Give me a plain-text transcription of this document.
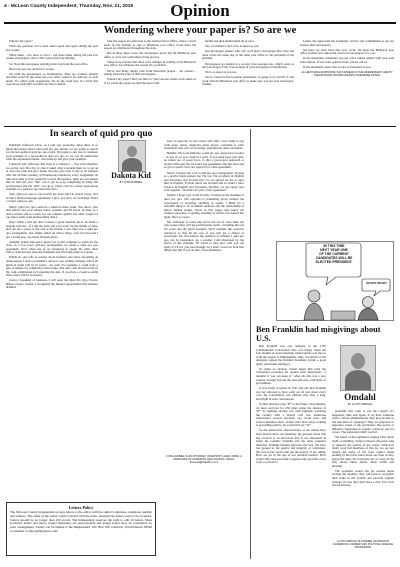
4 - McLean County Independent, Thursday, Nov. 21, 2019	Opinion
Wondering where your paper is? So are we

Where's my paper?

That's the question we've been asked again and again during the past few weeks.

Three times - two once or twice - but three times during the past few weeks, newspapers sent to ZIP codes turned up missing.

So! Note this newspaper printing plant, but from the post office.

Here's the process and how it works.

We print the newspapers on Wednesdays. They are counted, labeled and then sorted in the order the post office wants it for delivery to each home. It's called walk sequencing. We do the work here in a level that even those with ZIP's wouldn't be able to match.

Sent the papers are delivered to the Garrison Post Office, where a truck picks up the bundles to take to Bismarck post office. From there the papers are distributed throughout the state.

But in those three cases, the newspapers never left the Bismarck post office or were lost somewhere in the process.

There were excuses that there were changes in staffing at the Bismarck post office, but whatever the reason it's a problem.

We've had many phone calls from important people - our readers - asking about the state of their newspapers.

Where's my paper? Did you miss it? One late-our reader even asked us if we saved the papers up until the end of the

month and then mailed them all at once.

Yes, we mailed it and we're as upset as you.

Our newspaper readers who call, we'll mail a newspaper first class and often arrive the same day as the same post office or the problems of the problem.

Newspapers are mailed at a second class postage rate, which saves us and you money. First class postage of your newspaper is insufficient.

We're as upset as you are.

We've contacted the Garrison postmaster, is going to try and fix it and work with the Bismarck post office to make sure you get your newspaper. Thanks.

Lanny. We appreciate his exemplary service and commitment to get our readers their newspapers.

We hope we don't have that story work. We hope the Bismarck post office realizes how important your local newspaper is to you.

In the meantime, remember you get a free online edition with your paid subscription. If you want to know more, please call us.

In the meantime, know that we are as frustrated as you.

ALL EDITORIALS/OPINIONS THAT APPEAR IN THE INDEPENDENT ARE BY THE EDITORIAL BOARD UNLESS OTHERWISE NOTED.
In search of quid pro quo

Elizabeth Jefferson Close, as I told you yesterday, since there is so much discussion about what quid pro quo means, we are going to search for the non-political quid pro quo today. I'm going to ask you to volunteer your example of a non-political quid pro quo so we can all understand what the expression means. Just stand up and give your example.

Cameron: Ms. Jefferson, this class is a cafeteria? ... You will remember we on the very first day of class I asked what a student must do to get an A. You can work and get a bonus and also give a list to any of all students who did all their reading, all homework, handed in every assignment on time and came to class regularly to class discussions. Quid pro quo means this for that and your "this" was to get an A by completing all study and participation and the "that" was an A. There can't be a more appropriate example of a quid pro quo than this class.

Sam: Quid pro quo is you scratch my back and I'll scratch yours. Sort of like a mutual massage agreement. I give, you give, we exchange. That's a classic quid pro quo.

Marci: Quid pro quo could be a musical dance team. You throw your best efforts and your unique dance together and I'll throw in mine as a dance partner and as a team, we can compete against any other couple for top dance team at the homecoming dance.

Nate: When I told my dad I wanted a good baseball glove, he made a bargain with me - if I did the lawn and yard work for the month of June, he'd get me a glove at the end of the month. I did. That was a quid pro quo arrangement. Our family ended up with a sharp, well cut lawn and I got a brand new, top-notch baseball glove.

Autumn: When Sam and I agreed we would volunteer to swim for the class on a low pool, girl-boy arrangement we made a quid pro quo agreement. Now when one of us volunteers to speak, the other must follow. Sam has just done his statement and I'm doing mine as I speak.

Elijah: As one who is serious about business and about becoming an entrepreneur, I plan to establish a quid pro quo trading company where all kinds of items will be by barter - no cash. For example, I could trade a pile of lumber for somebody's motor bike. The only cash involved will be my cash commission for brokering the deal. If you have a creative saddle mate, there will be no money.

Jessica: Speaking of business, I will open the Quid Pro Quo Tavern. Being a liquor wizard, I recognized the limited opportunities that amateur drinkers

Dakota Kid
BY LYNN HUMMEL

have to perform. So the tavern will offer a free drink to any valid stage, dance, magician, piano player, comedian or other entertainer who will, in exchange, entertain the other customers.

Hamlet: The food bank has a quid pro quo approach to booker - as you go as you could in a spell. If you need food, just take; no return out of equal force. Is this a good-sport approach to books? Who gets the food and you agreement who hits hard and so got to spend. Now our approval is a fine agreement.

Sierra: Tryston and I are a quid pro quo arrangement. Tryston is a terrific math student but I'm not. I'm excellent in English and Literature and Tryston isn't. So we agreed for me to tutor him in English. Tryston tutors me in math and in return I tutor Tryston in English and Literature. Besides, we get along very well together - but that's not part of the agreement.

Mollie: I hope I got credit for this. I looked up the meaning of quid pro quo. The opposite is something given without the expectation of receiving anything in return. I think it's a beautiful thing to do in human relations and the relationship of fellow human beings. Those in this pappy who know me without expecting or getting anything in return. I've earned her Quid. She's so sweet.

Ms. Jefferson: It looks like we've run out of class time. All who spoke today will get participation credit - including the one for scrub and the Quid example. We'll examine this exercise tomorrow so that all the rest of you will get a chance to participate. We will explore the question of whether a quid pro quo can be negotiated. As a teacher I am impressed by the basics of this example. I'll watch to hear how well you can apply it. I'll say you soon though. As I learn. Good we look into things like this if you do that. Class dismissed.

LYNN HUMMEL IS AN ATTORNEY IN DETROIT LAKES, MINN. A GRADUATE OF GARRISON HIGH SCHOOL. EMAIL: lhummel@lhlawfirm.com
IN THIS TIME
NEXT YEAR ONE
OF THE CURRENT
CANDIDATES WILL BE
ELECTED PRESIDENT.
I'M NOT READY
Ben Franklin had misgivings about U.S.

Ben Franklin was one delegate to the 1787 Constitutional Convention who was happy when the four months of secret meetings ended and he was free to walk the streets of Philadelphia. Only two-thirds of the delegates signed the finished document (while a good many went home unhappy).

So when an anxious citizen asked him what the convention provided, he replied with skepticism: "a republic if you can keep it." After all, this was a new country moving beyond the trial-and-error principles of government.

It was easily accepted in 1791 and one that Franklin was not allowed to have early on. In just about every case, the Constitution was ratified only after a long, hard fight in state conventions.

So Ben inserted a big "IF" to the future. Nevertheless, we have survived for 230 years under the shadow of "IF" by fighting another war with England, wrecking the country with a bloody civil war, numerous depressions, several elections, two world wars, and several mistakes since. If then were here today, looking at prevailing politics, he would still say "IF."

So the democratic characteristics of our nation have been altered since our founding, the greatest threat that has evolved is an electorate that is not interested in being the republic Franklin and the other founders intended. Franklin remains ignorant and lazy. We have lost ground as the quality and integrity of candidates. We vote fewer voters who put the quality of our ruling. How are we in the age of our political leaders? How weak? Our once-powerful Congress only provides a few ways to prevent a

Omdahl
BY LLOYD OMDAHL

president who want to run the country. It's happened, time and again. If we have someone with a corrupt administration, they may be able to use this kind of language? They are prepared to negotiate. Some of the politicians: that power to influence legislation to require a literacy test for voters. The legislation didn't teach it.

Yet much of the legislature ringing false about 1920 of anything. Today's interest advocates tend to supports the quality of the voters. With how many were full members of this lot, we are not raising the name of the state capitol steam nothing in the brick stand about our ruler as they began the time, the following list of cases in the flag chose) likely debate about tariffs and housing.

The populists would sell get serious about serving the republic, they will need to recognize their stake in the system and become vigilant citizens. Or else they don't have a clue. Few facts and all hearsay.

LLOYD OMDAHL IS FORMER LIEUTENANT GOVERNOR. FORMER UND POLITICAL SCIENCE PROFESSOR
Letters Policy
The McLean County Independent accepts letters to the editor with the author's signature, telephone number and address. The name of the writer will be printed with the letter. Anonymous letters will not be accepted. Letters should be no longer than 250 words. The Independent reserves the right to edit all letters. Mass produced letters and photo copied signatures are unacceptable and longer letters may be considered by prior arrangement. Letters can be mailed to the Independent, P.O. Box 309, Garrison, North Dakota 58540 or emailed to editor@bhgnews.com.
